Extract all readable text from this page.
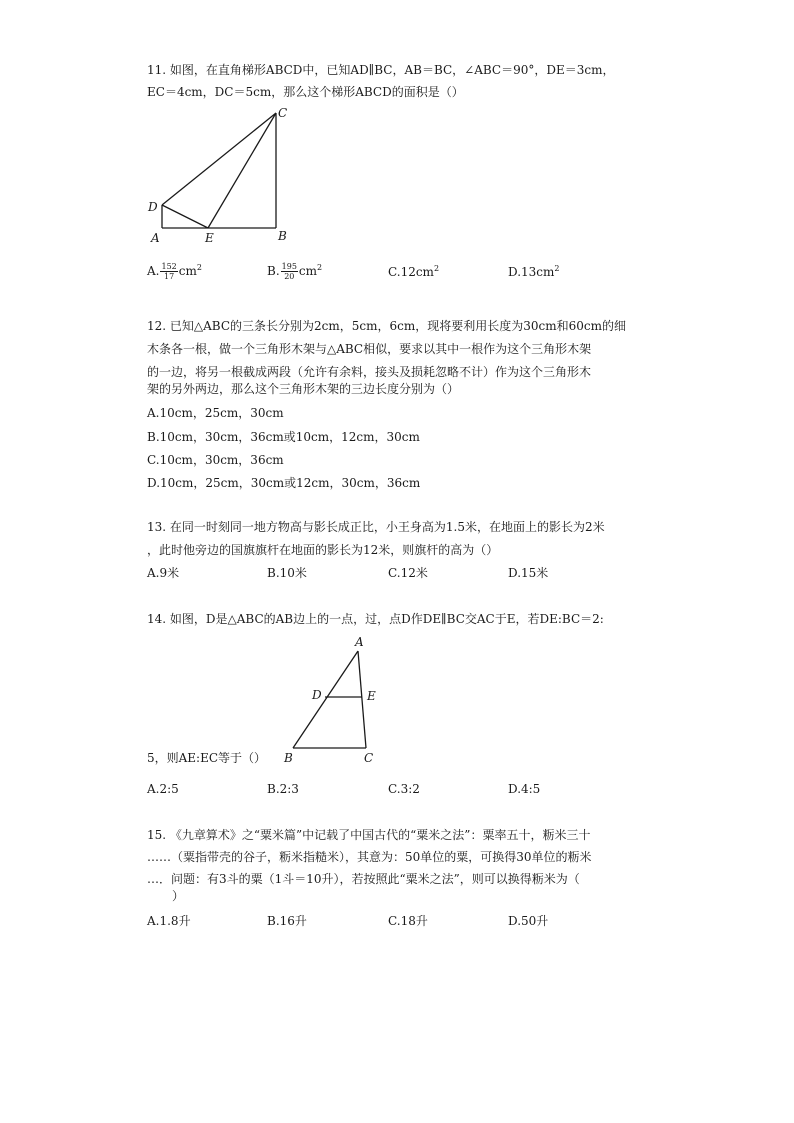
11. 如图，在直角梯形ABCD中，已知AD∥BC，AB＝BC，∠ABC＝90°，DE＝3cm，
EC＝4cm，DC＝5cm，那么这个梯形ABCD的面积是（）
C
D
A	E	B
A. $\frac{152}{17} cm^2$	B. $\frac{195}{20} cm^2$	$C.12cm^2$	$D.13cm^2$
12. 已知△ABC的三条长分别为2cm，5cm，6cm，现将要利用长度为30cm和60cm的细
木条各一根，做一个三角形木架与△ABC相似，要求以其中一根作为这个三角形木架
的一边，将另一根截成两段（允许有余料，接头及损耗忽略不计）作为这个三角形木
架的另外两边，那么这个三角形木架的三边长度分别为（）
A.10cm，25cm，30cm
B.10cm，30cm，36cm或10cm，12cm，30cm
C.10cm，30cm，36cm
D.10cm，25cm，30cm或12cm，30cm，36cm
13. 在同一时刻同一地方物高与影长成正比，小王身高为1.5米，在地面上的影长为2米
，此时他旁边的国旗旗杆在地面的影长为12米，则旗杆的高为（）
A.9米	B.10米	C.12米	D.15米
14. 如图，D是△ABC的AB边上的一点，过，点D作DE∥BC交AC于E，若DE:BC＝2:
A
D	E
B	C
5，则AE:EC等于（）
A.2:5	B.2:3	C.3:2	D.4:5
15. 《九章算术》之“粟米篇”中记载了中国古代的“粟米之法”：粟率五十，粝米三十
……（粟指带壳的谷子，粝米指糙米），其意为：50单位的粟，可换得30单位的粝米
…．问题：有3斗的粟（1斗＝10升），若按照此“粟米之法”，则可以换得粝米为（
）
A.1.8升	B.16升	C.18升	D.50升
